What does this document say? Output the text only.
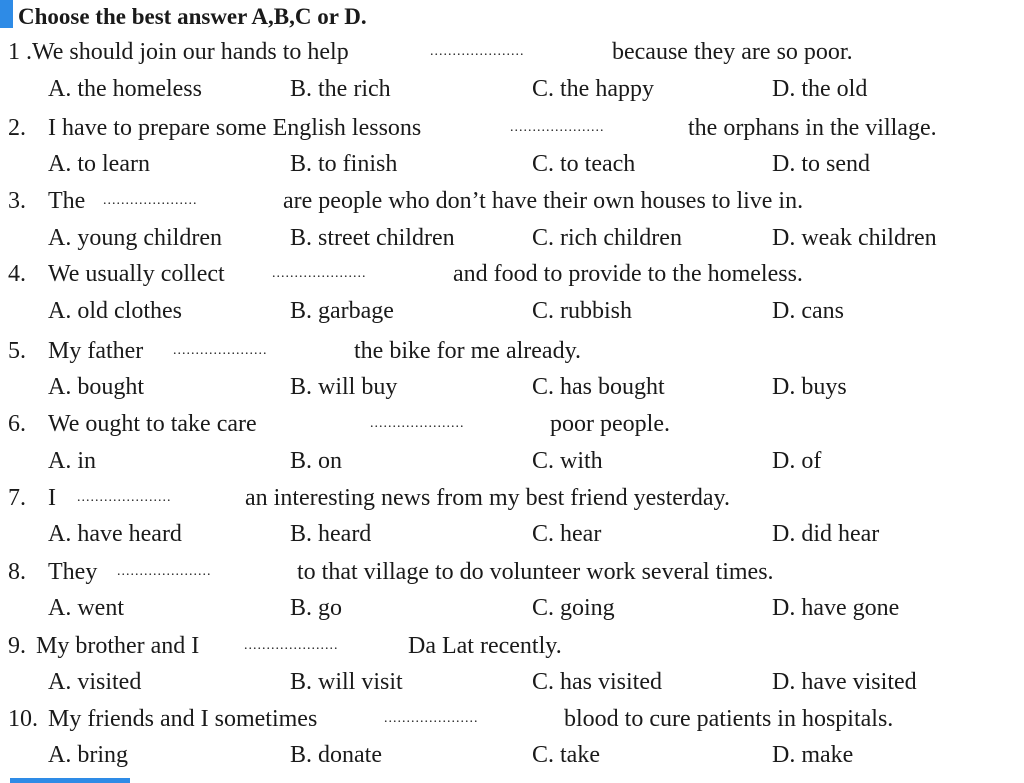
Choose the best answer A,B,C or D.
1 . We should join our hands to help	.....................	because they are so poor.
A. the homeless	B. the rich	C. the happy	D. the old
2. I have to prepare some English lessons	.....................	the orphans in the village.
A. to learn	B. to finish	C. to teach	D. to send
3. The .....................	are people who don’t have their own houses to live in.
A. young children	B. street children	C. rich children	D. weak children
4. We usually collect	.....................	and food to provide to the homeless.
A. old clothes	B. garbage	C. rubbish	D. cans
5. My father .....................	the bike for me already.
A. bought	B. will buy	C. has bought	D. buys
6. We ought to take care	.....................	poor people.
A. in	B. on	C. with	D. of
7. I .....................	an interesting news from my best friend yesterday.
A. have heard	B. heard	C. hear	D. did hear
8. They .....................	to that village to do volunteer work several times.
A. went	B. go	C. going	D. have gone
9. My brother and I	.....................	Da Lat recently.
A. visited	B. will visit	C. has visited	D. have visited
10. My friends and I sometimes	.....................	blood to cure patients in hospitals.
A. bring	B. donate	C. take	D. make
